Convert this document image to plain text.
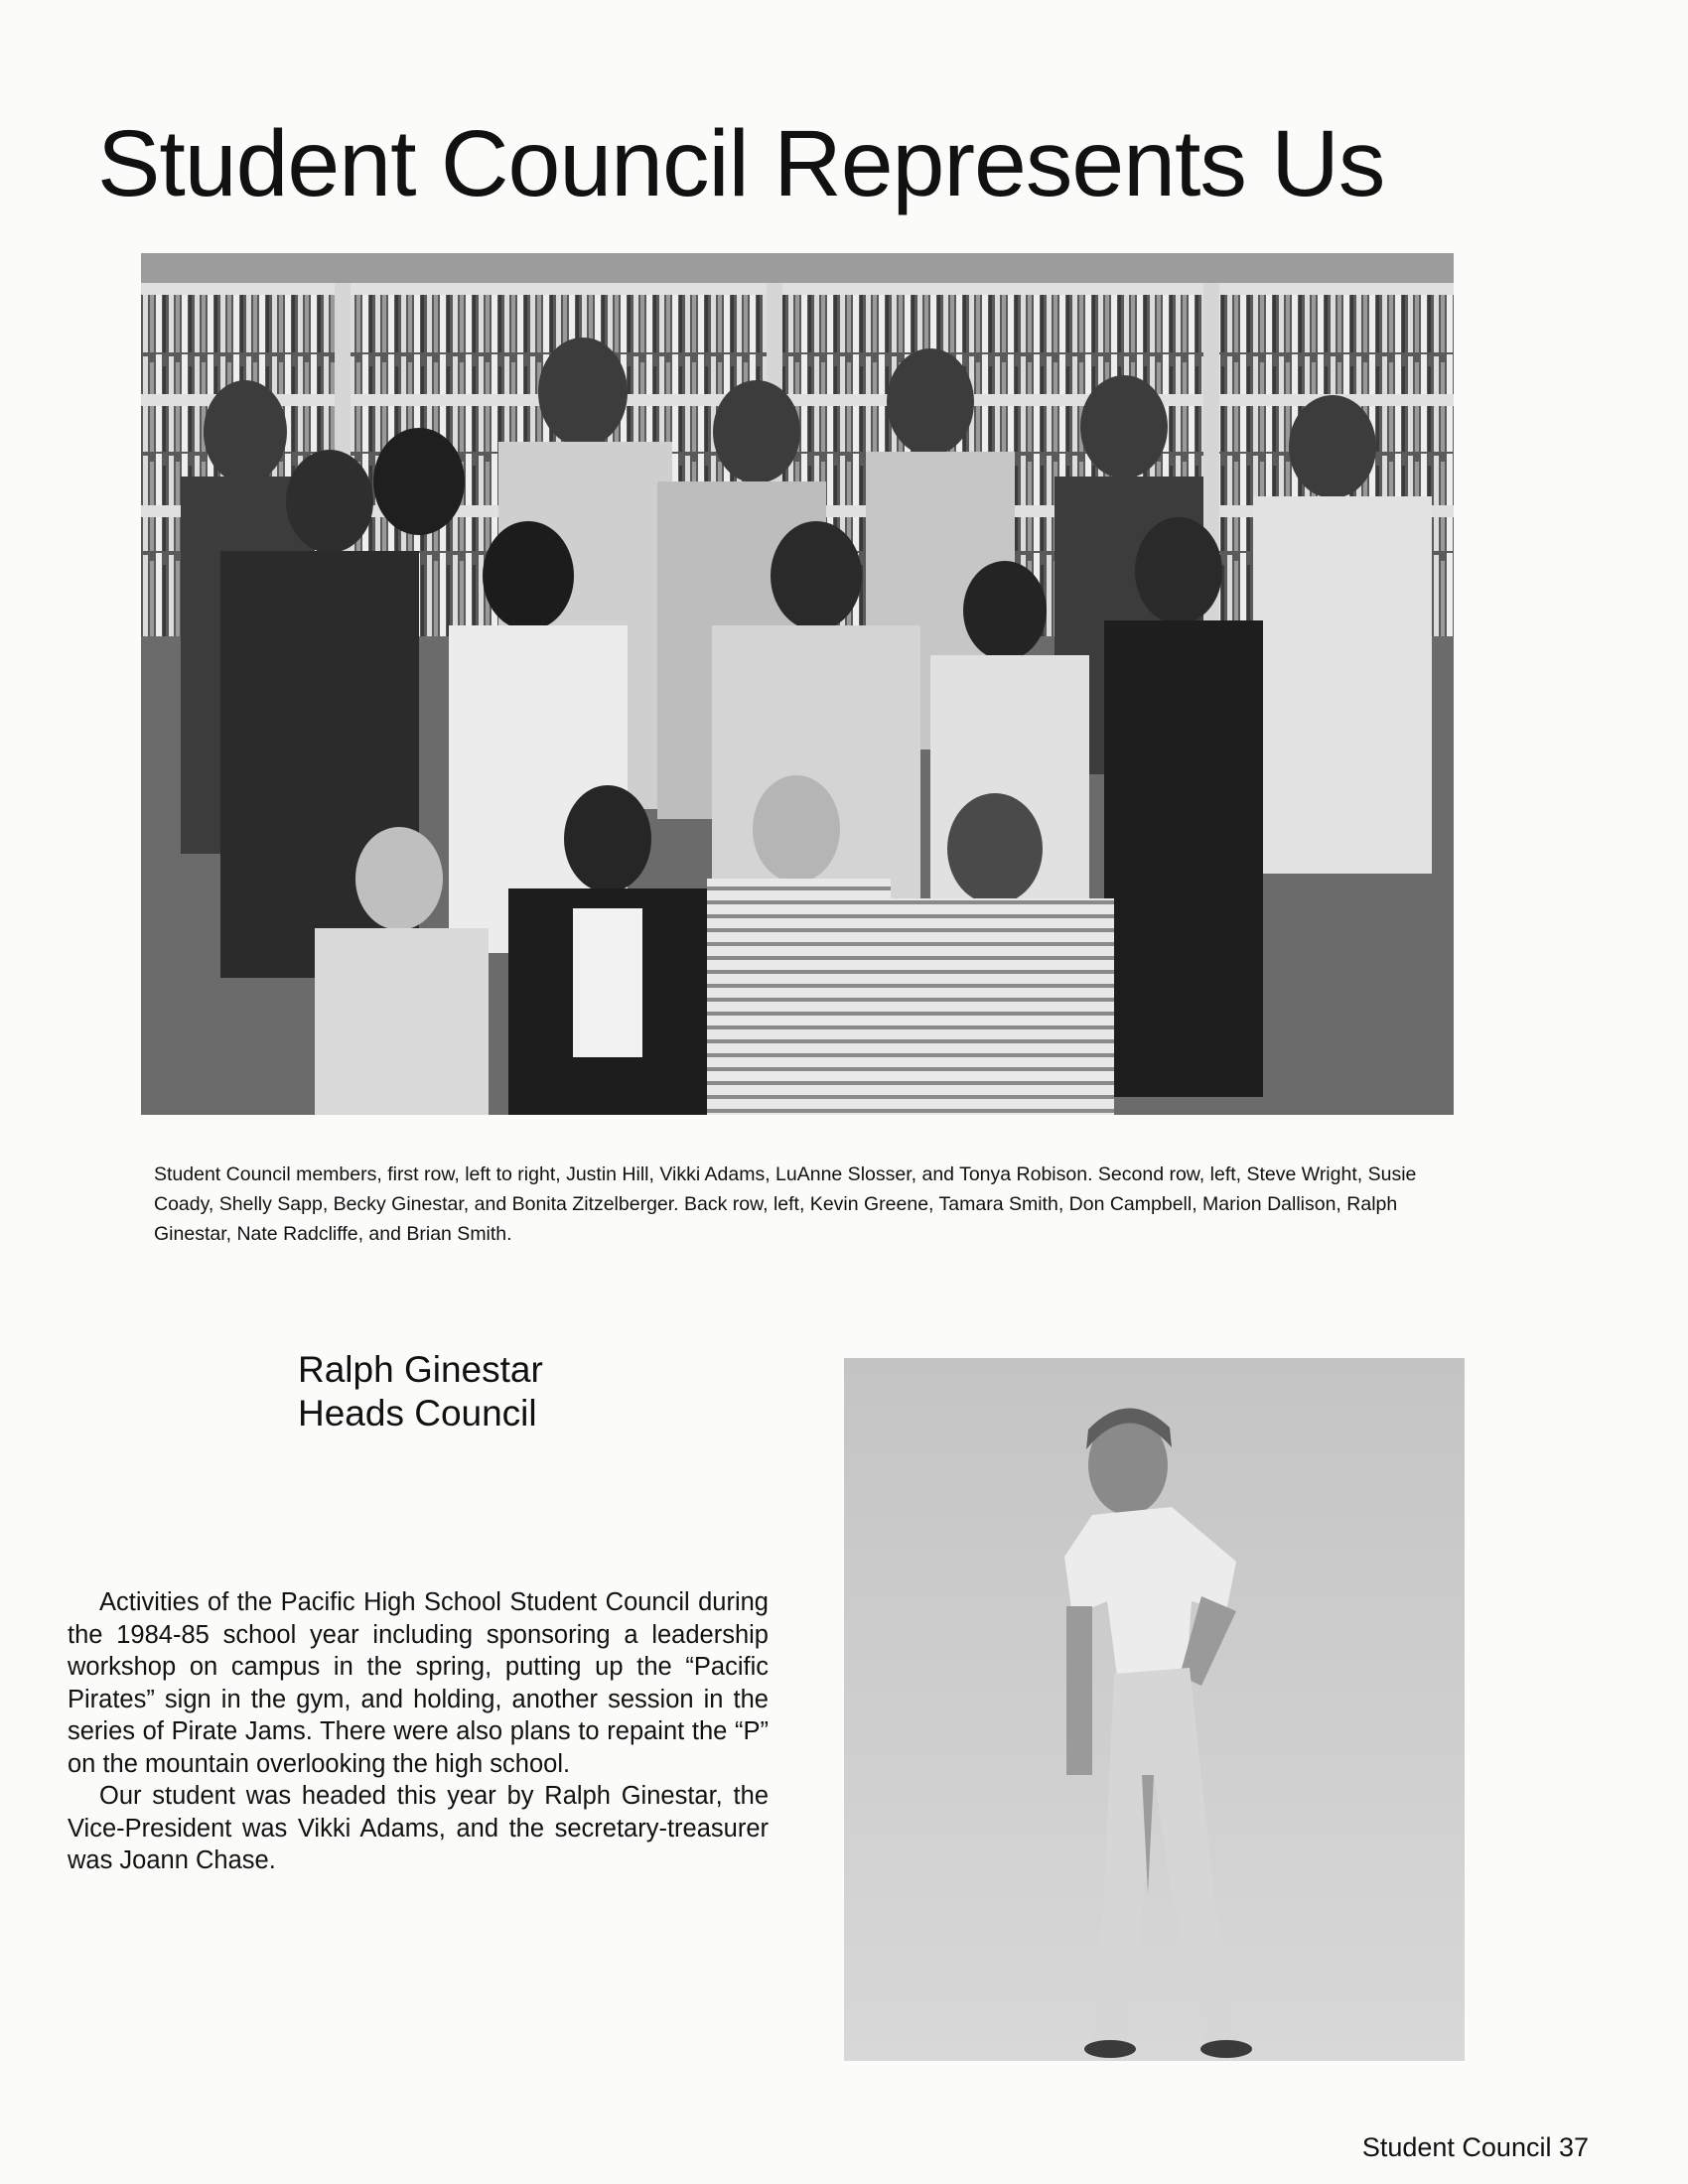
Student Council Represents Us

Student Council members, first row, left to right, Justin Hill, Vikki Adams, LuAnne Slosser, and Tonya Robison. Second row, left, Steve Wright, Susie Coady, Shelly Sapp, Becky Ginestar, and Bonita Zitzelberger. Back row, left, Kevin Greene, Tamara Smith, Don Campbell, Marion Dallison, Ralph Ginestar, Nate Radcliffe, and Brian Smith.

Ralph Ginestar
Heads Council

Activities of the Pacific High School Student Council during the 1984-85 school year including sponsoring a leadership workshop on campus in the spring, putting up the “Pacific Pirates” sign in the gym, and holding, another session in the series of Pirate Jams. There were also plans to repaint the “P” on the mountain overlooking the high school.

Our student was headed this year by Ralph Ginestar, the Vice-President was Vikki Adams, and the secretary-treasurer was Joann Chase.

Student Council 37
